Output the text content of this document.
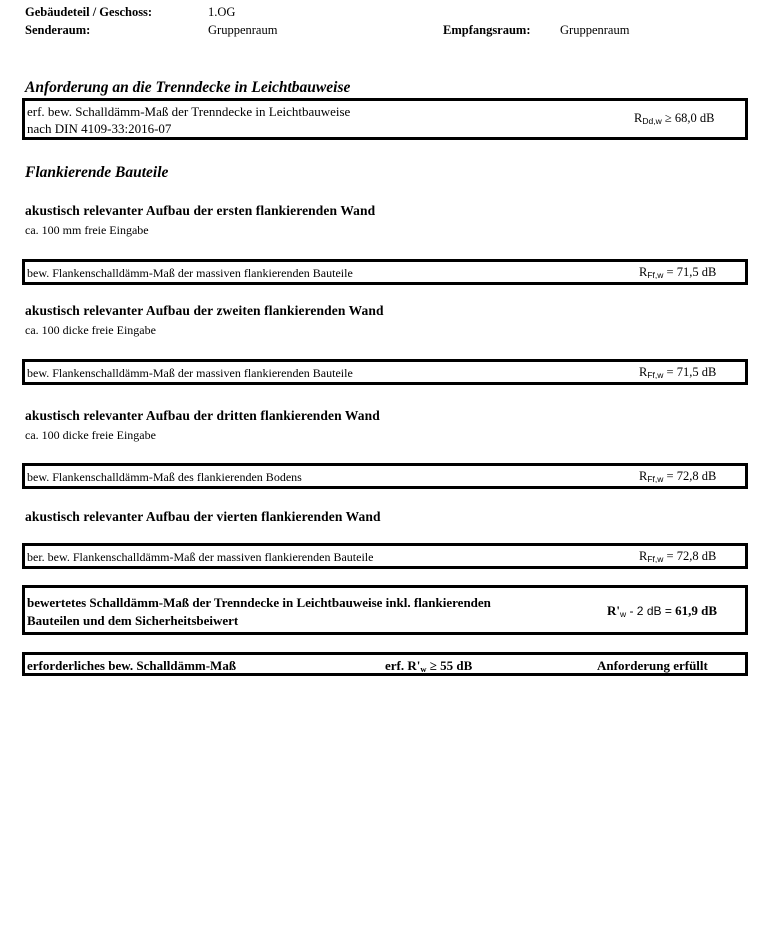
Gebäudeteil / Geschoss:	1.OG
Senderaum:	Gruppenraum	Empfangsraum: Gruppenraum
Anforderung an die Trenndecke in Leichtbauweise
erf. bew. Schalldämm-Maß der Trenndecke in Leichtbauweise
nach DIN 4109-33:2016-07
$R_{Dd,w} \ge 68,0$ dB
Flankierende Bauteile
akustisch relevanter Aufbau der ersten flankierenden Wand
ca. 100 mm freie Eingabe
bew. Flankenschalldämm-Maß der massiven flankierenden Bauteile	$R_{Ff,w} = 71,5$ dB
akustisch relevanter Aufbau der zweiten flankierenden Wand
ca. 100 dicke freie Eingabe
bew. Flankenschalldämm-Maß der massiven flankierenden Bauteile	$R_{Ff,w} = 71,5$ dB
akustisch relevanter Aufbau der dritten flankierenden Wand
ca. 100 dicke freie Eingabe
bew. Flankenschalldämm-Maß des flankierenden Bodens	$R_{Ff,w} = 72,8$ dB
akustisch relevanter Aufbau der vierten flankierenden Wand
ber. bew. Flankenschalldämm-Maß der massiven flankierenden Bauteile	$R_{Ff,w} = 72,8$ dB
bewertetes Schalldämm-Maß der Trenndecke in Leichtbauweise inkl. flankierenden
Bauteilen und dem Sicherheitsbeiwert
$R'_w - 2$ dB = 61,9 dB
erforderliches bew. Schalldämm-Maß	erf. $R'_w \ge 55$ dB	Anforderung erfüllt
